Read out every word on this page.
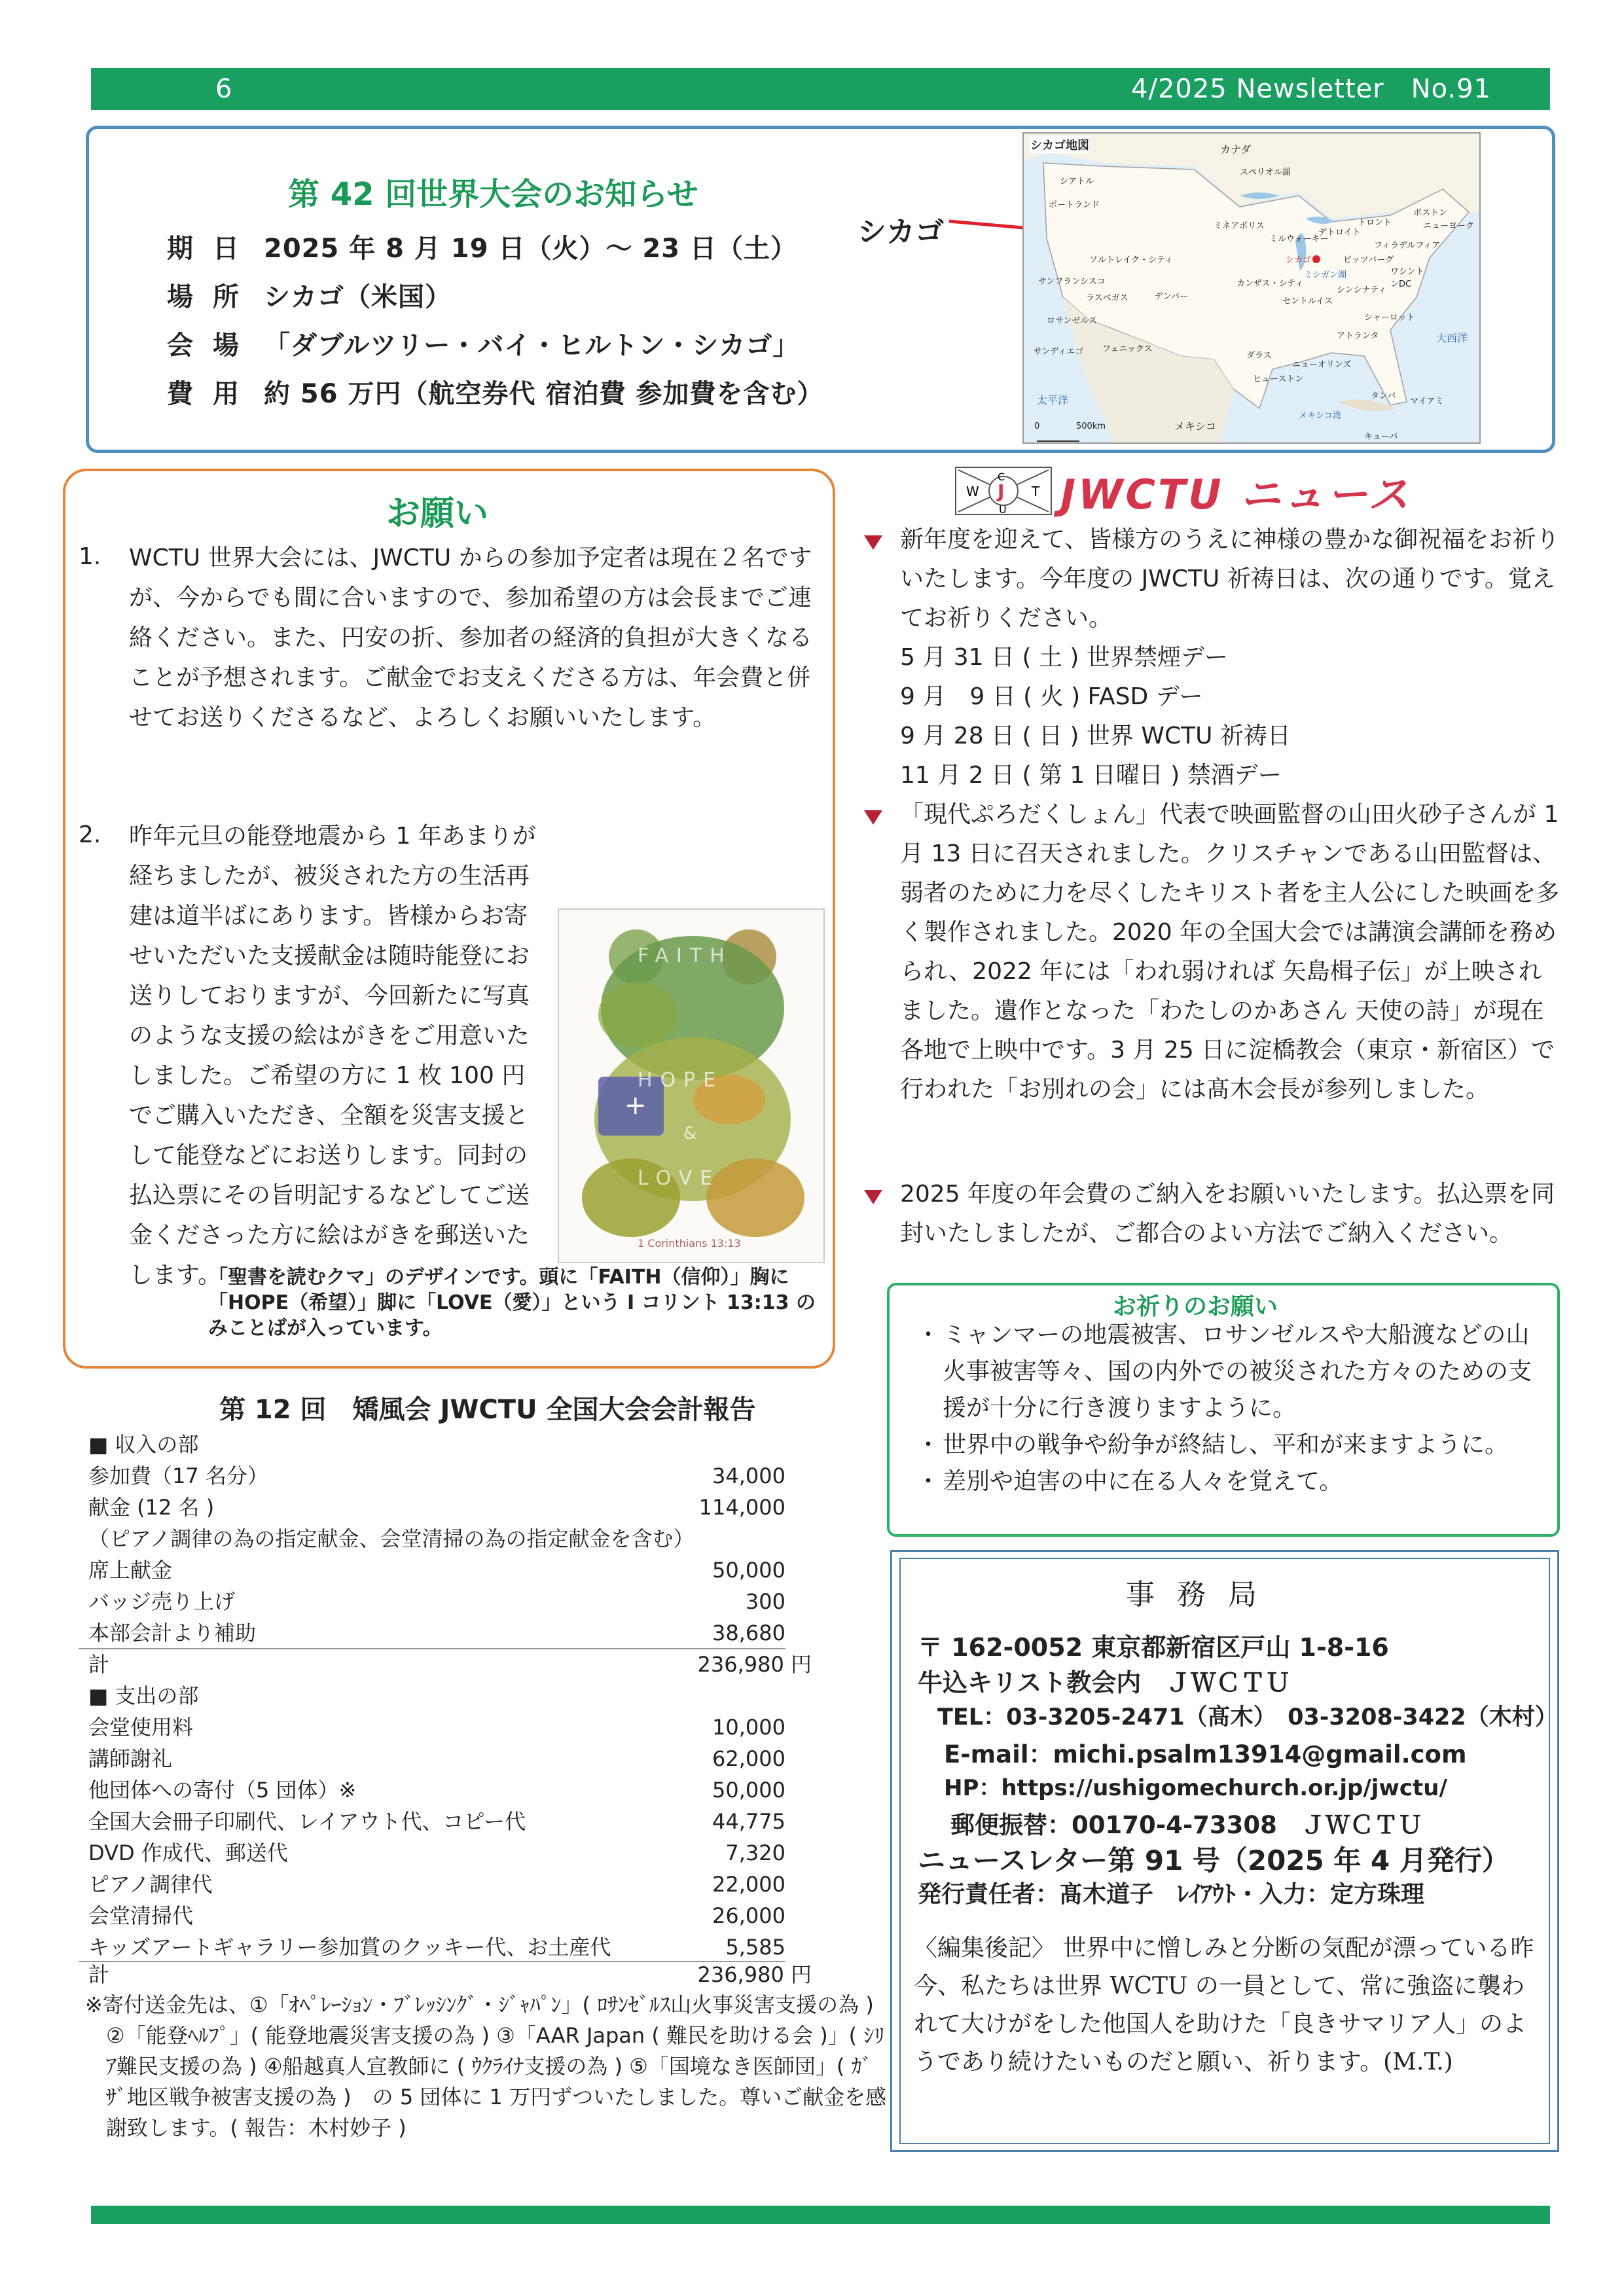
6	4/2025 Newsletter　No.91
第 42 回世界大会のお知らせ
期日 2025 年 8 月 19 日（火）～ 23 日（土）
場所 シカゴ（米国）
会場 「ダブルツリー・バイ・ヒルトン・シカゴ」
費用 約 56 万円（航空券代 宿泊費 参加費を含む）
シカゴ
シカゴ地図	カナダ
スペリオル湖
シアトル
ポートランド
ミネアポリス
ミルウォーキー
デトロイト
トロント
ボストン
ニューヨーク
フィラデルフィア
ワシントンDC
ソルトレイク・シティ	シカゴ
ミシガン湖
ピッツバーグ
サンフランシスコ
ラスベガス	デンバー
カンザス・シティ
セントルイス
シンシナティ
ロサンゼルス
サンディエゴ フェニックス
ダラス
アトランタ
シャーロット
大西洋
ニューオリンズ
ヒューストン
太平洋
メキシコ
タンパ
マイアミ
メキシコ湾
キューバ
0	500km
お願い
1. WCTU 世界大会には、JWCTU からの参加予定者は現在２名ですが、今からでも間に合いますので、参加希望の方は会長までご連絡ください。また、円安の折、参加者の経済的負担が大きくなることが予想されます。ご献金でお支えくださる方は、年会費と併せてお送りくださるなど、よろしくお願いいたします。
2. 昨年元旦の能登地震から 1 年あまりが経ちましたが、被災された方の生活再建は道半ばにあります。皆様からお寄せいただいた支援献金は随時能登にお送りしておりますが、今回新たに写真のような支援の絵はがきをご用意いたしました。ご希望の方に 1 枚 100 円でご購入いただき、全額を災害支援として能登などにお送りします。同封の払込票にその旨明記するなどしてご送金くださった方に絵はがきを郵送いたします。
+
FAITH
HOPE
&
LOVE
1 Corinthians 13:13
「聖書を読むクマ」のデザインです。頭に「FAITH（信仰）」胸に「HOPE（希望）」脚に「LOVE（愛）」という I コリント 13:13 のみことばが入っています。
第 12 回　矯風会 JWCTU 全国大会会計報告
■ 収入の部
参加費（17 名分）	34,000
献金 (12 名 )	114,000
（ピアノ調律の為の指定献金、会堂清掃の為の指定献金を含む）
席上献金	50,000
バッジ売り上げ	300
本部会計より補助	38,680
計	236,980 円
■ 支出の部
会堂使用料	10,000
講師謝礼	62,000
他団体への寄付（5 団体）※	50,000
全国大会冊子印刷代、レイアウト代、コピー代	44,775
DVD 作成代、郵送代	7,320
ピアノ調律代	22,000
会堂清掃代	26,000
キッズアートギャラリー参加賞のクッキー代、お土産代	5,585
計	236,980 円
※寄付送金先は、①「ｵﾍﾟﾚｰｼｮﾝ・ﾌﾞﾚｯｼﾝｸﾞ・ｼﾞｬﾊﾟﾝ」( ﾛｻﾝｾﾞﾙｽ山火事災害支援の為 ) ②「能登ﾍﾙﾌﾟ」( 能登地震災害支援の為 ) ③「AAR Japan ( 難民を助ける会 )」( ｼﾘｱ難民支援の為 ) ④船越真人宣教師に ( ｳｸﾗｲﾅ支援の為 ) ⑤「国境なき医師団」( ｶﾞｻﾞ地区戦争被害支援の為 )　の 5 団体に 1 万円ずついたしました。尊いご献金を感謝致します。( 報告：木村妙子 )
J
W
C
T
U JWCTU ニュース
新年度を迎えて、皆様方のうえに神様の豊かな御祝福をお祈りいたします。今年度の JWCTU 祈祷日は、次の通りです。覚えてお祈りください。
5 月 31 日 ( 土 ) 世界禁煙デー
9 月　9 日 ( 火 ) FASD デー
9 月 28 日 ( 日 ) 世界 WCTU 祈祷日
11 月 2 日 ( 第 1 日曜日 ) 禁酒デー
「現代ぷろだくしょん」代表で映画監督の山田火砂子さんが 1 月 13 日に召天されました。クリスチャンである山田監督は、弱者のために力を尽くしたキリスト者を主人公にした映画を多く製作されました。2020 年の全国大会では講演会講師を務められ、2022 年には「われ弱ければ 矢島楫子伝」が上映されました。遺作となった「わたしのかあさん 天使の詩」が現在各地で上映中です。3 月 25 日に淀橋教会（東京・新宿区）で行われた「お別れの会」には髙木会長が参列しました。
2025 年度の年会費のご納入をお願いいたします。払込票を同封いたしましたが、ご都合のよい方法でご納入ください。
お祈りのお願い
・ ミャンマーの地震被害、ロサンゼルスや大船渡などの山火事被害等々、国の内外での被災された方々のための支援が十分に行き渡りますように。
・ 世界中の戦争や紛争が終結し、平和が来ますように。
・ 差別や迫害の中に在る人々を覚えて。
事務局
〒 162-0052 東京都新宿区戸山 1-8-16
牛込キリスト教会内　ＪＷＣＴＵ
TEL：03-3205-2471（髙木）　03-3208-3422（木村）
E-mail：michi.psalm13914@gmail.com
HP：https://ushigomechurch.or.jp/jwctu/
郵便振替：00170-4-73308　ＪＷＣＴＵ
ニュースレター第 91 号（2025 年 4 月発行）
発行責任者：髙木道子　ﾚｲｱｳﾄ・入力：定方珠理
〈編集後記〉 世界中に憎しみと分断の気配が漂っている昨今、私たちは世界 WCTU の一員として、常に強盗に襲われて大けがをした他国人を助けた「良きサマリア人」のようであり続けたいものだと願い、祈ります。(M.T.)
